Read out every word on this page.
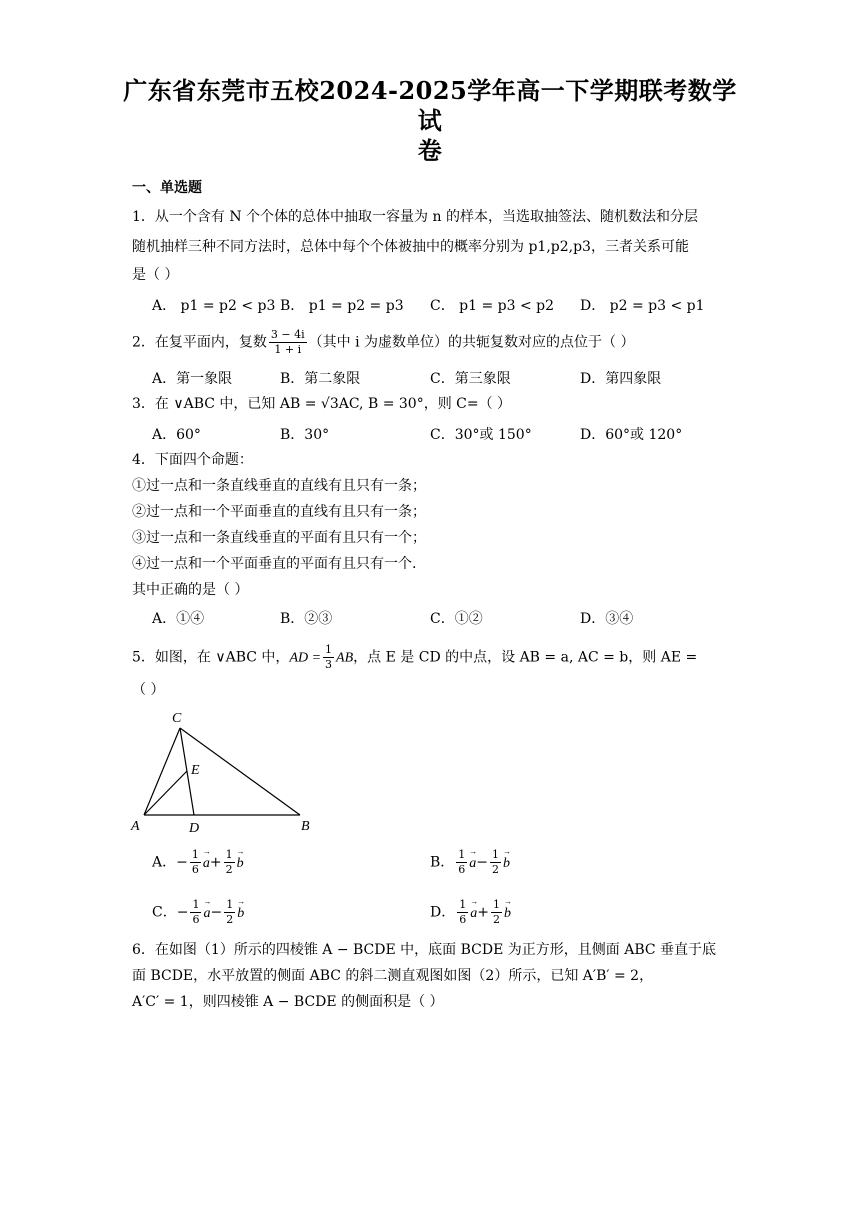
广东省东莞市五校2024-2025学年高一下学期联考数学试
卷
一、单选题
1．从一个含有 N 个个体的总体中抽取一容量为 n 的样本，当选取抽签法、随机数法和分层
随机抽样三种不同方法时，总体中每个个体被抽中的概率分别为 p1,p2,p3，三者关系可能
是（ ）
A． p1 = p2 < p3 B． p1 = p2 = p3 C． p1 = p3 < p2 D． p2 = p3 < p1
2．在复平面内，复数 $\frac{3 - 4i}{1 + i}$ （其中 i 为虚数单位）的共轭复数对应的点位于（ ）
A．第一象限	B．第二象限	C．第三象限	D．第四象限
3．在 ∨ABC 中，已知 AB = √3AC, B = 30°，则 C=（ ）
A．60°	B．30°	C．30°或 150°	D．60°或 120°
4．下面四个命题：
①过一点和一条直线垂直的直线有且只有一条；
②过一点和一个平面垂直的直线有且只有一条；
③过一点和一条直线垂直的平面有且只有一个；
④过一点和一个平面垂直的平面有且只有一个.
其中正确的是（ ）
A．①④	B．②③	C．①②	D．③④
5．如图，在 ∨ABC 中，AD = $\frac{1}{3}$ AB，点 E 是 CD 的中点，设 AB = a, AC = b，则 AE =
（ ）
C
E
A	D	B
A．− $\frac{1}{6}$
→ $a+ \frac{1}{2}$
→ b	B． $\frac{1}{6}$
→ $a- \frac{1}{2}$
→ b
C．− $\frac{1}{6}$
→ $a- \frac{1}{2}$
→ b	D． $\frac{1}{6}$
→ $a+ \frac{1}{2}$
→ b
6．在如图（1）所示的四棱锥 A − BCDE 中，底面 BCDE 为正方形，且侧面 ABC 垂直于底
面 BCDE，水平放置的侧面 ABC 的斜二测直观图如图（2）所示，已知 A′B′ = 2，
A′C′ = 1，则四棱锥 A − BCDE 的侧面积是（ ）
